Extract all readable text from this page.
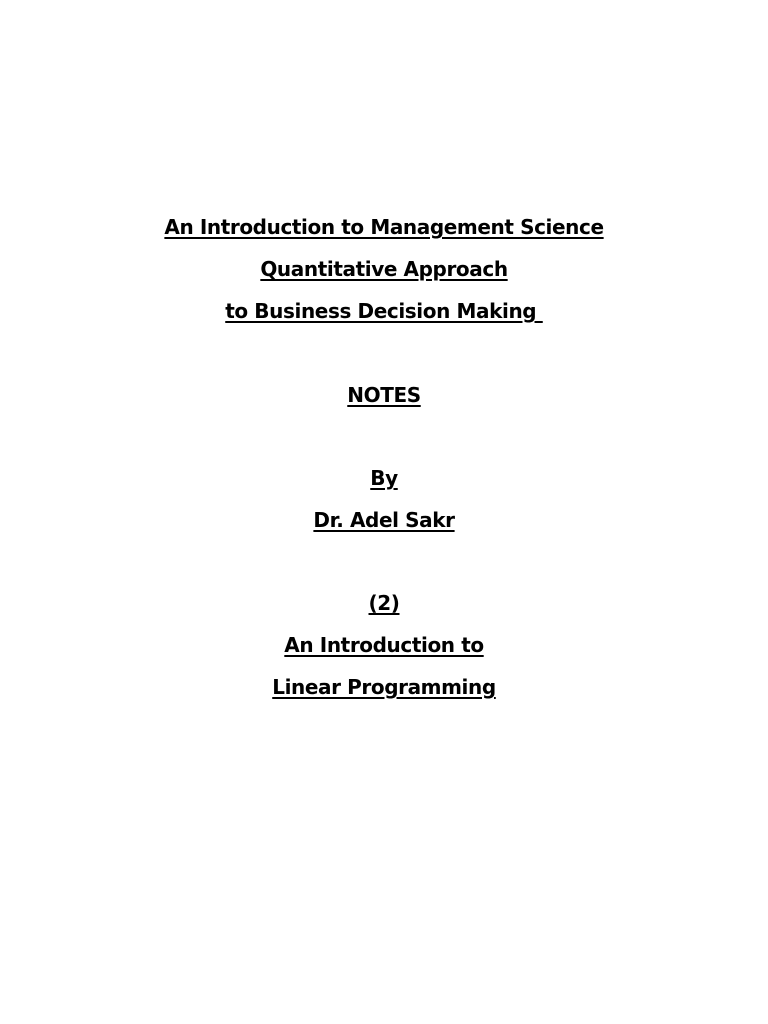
An Introduction to Management Science
Quantitative Approach
to Business Decision Making
NOTES
By
Dr. Adel Sakr
(2)
An Introduction to
Linear Programming
